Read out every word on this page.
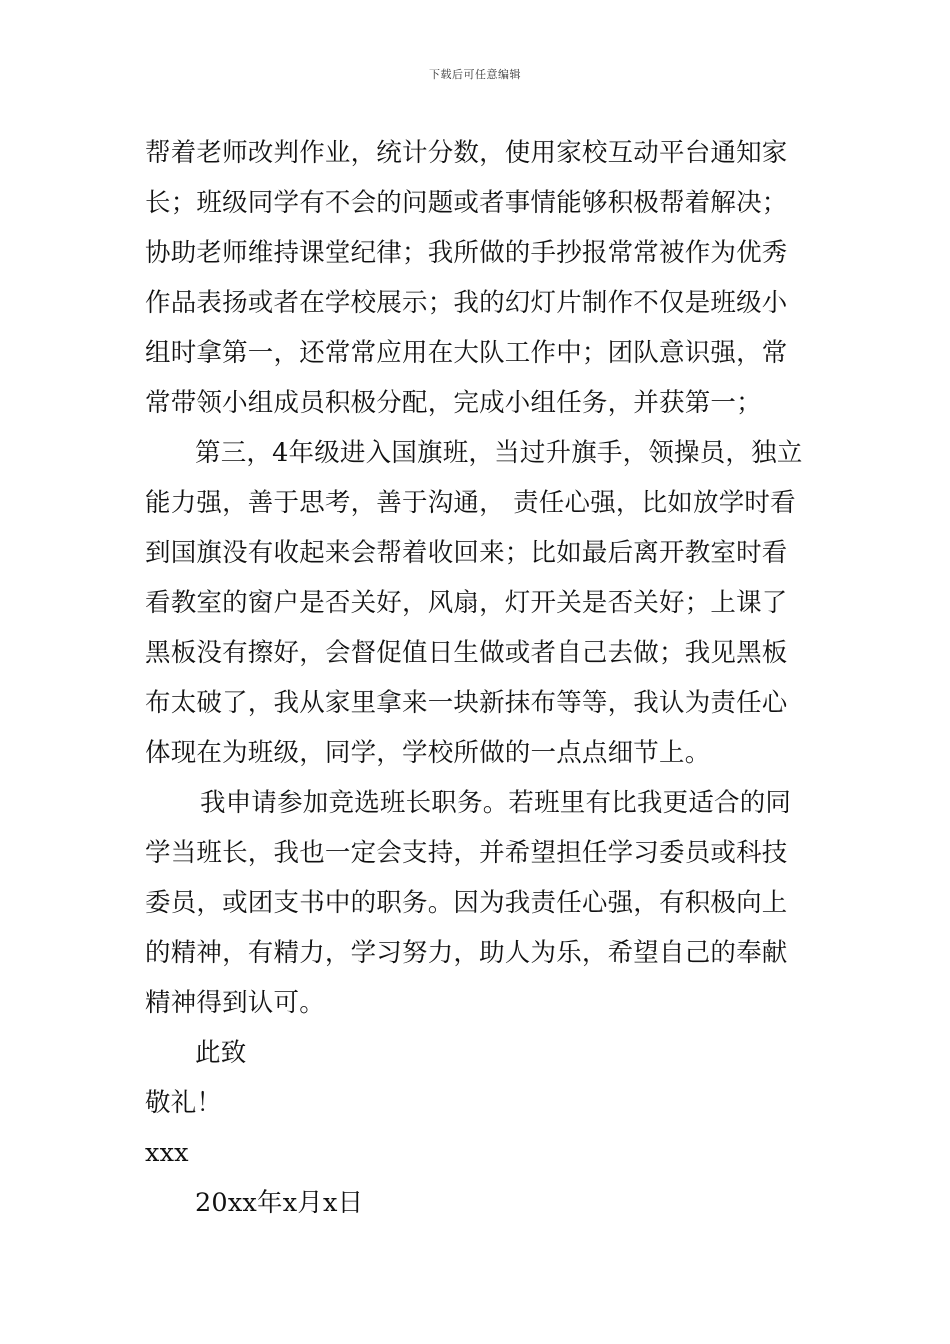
下载后可任意编辑
帮着老师改判作业，统计分数，使用家校互动平台通知家
长；班级同学有不会的问题或者事情能够积极帮着解决；
协助老师维持课堂纪律；我所做的手抄报常常被作为优秀
作品表扬或者在学校展示；我的幻灯片制作不仅是班级小
组时拿第一，还常常应用在大队工作中；团队意识强，常
常带领小组成员积极分配，完成小组任务，并获第一；
第三，4年级进入国旗班，当过升旗手，领操员，独立
能力强，善于思考，善于沟通， 责任心强，比如放学时看
到国旗没有收起来会帮着收回来；比如最后离开教室时看
看教室的窗户是否关好，风扇，灯开关是否关好；上课了
黑板没有擦好，会督促值日生做或者自己去做；我见黑板
布太破了，我从家里拿来一块新抹布等等，我认为责任心
体现在为班级，同学，学校所做的一点点细节上。
我申请参加竞选班长职务。若班里有比我更适合的同
学当班长，我也一定会支持，并希望担任学习委员或科技
委员，或团支书中的职务。因为我责任心强，有积极向上
的精神，有精力，学习努力，助人为乐，希望自己的奉献
精神得到认可。
此致
敬礼！
xxx
20xx年x月x日
